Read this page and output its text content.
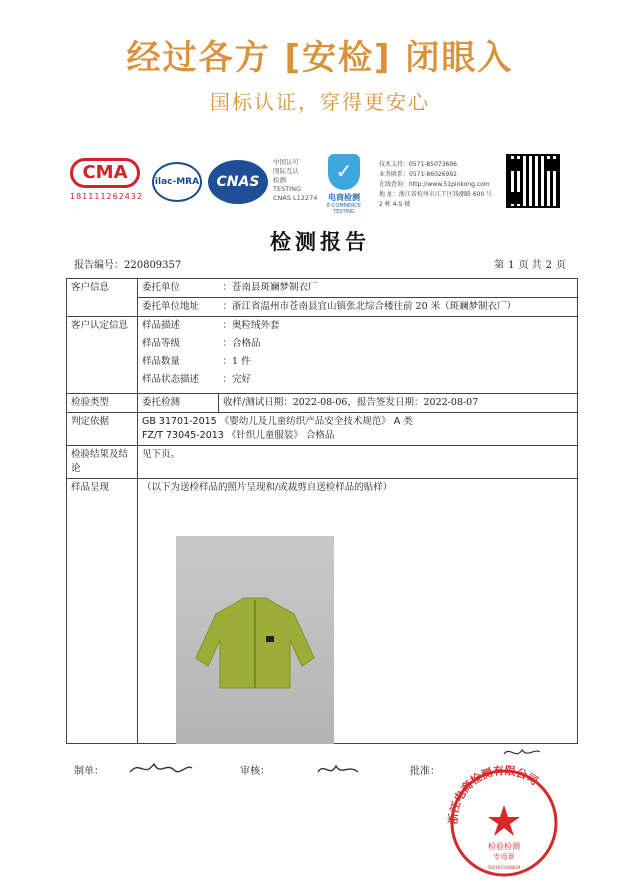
经过各方 [安检] 闭眼入
国标认证，穿得更安心
CMA
181111262432
ilac-MRA	CNAS
中国认可
国际互认
检测
TESTING
CNAS L12274
✓
电商检测
E-COMMERCE TESTING
技术支持：0571-85073696
业务联系：0571-86026992
在线查询：http://www.51pinkong.com
地 址：浙江省杭州市江干区钱潮路 600 号
2 栋 4-5 楼
检测报告
报告编号：220809357	第 1 页 共 2 页
客户信息	委托单位	：苍南县斑斓梦制衣厂
	委托单位地址	：浙江省温州市苍南县宜山镇张北综合楼往前 20 米（斑斓梦制衣厂）
客户认定信息	样品描述	：奥粒绒外套
	样品等级	：合格品
	样品数量	：1 件
	样品状态描述	：完好
检验类型	委托检测	收样/测试日期：2022-08-06，报告签发日期：2022-08-07
判定依据	GB 31701-2015 《婴幼儿及儿童纺织产品安全技术规范》 A 类
FZ/T 73045-2013 《针织儿童服装》 合格品	

检验结果及结论	见下页。	
样品呈现	（以下为送检样品的照片呈现和/或裁剪自送检样品的贴样）	
制单：	审核：	批准：
浙江电商检测有限公司
检验检测
专用章
3301931008804
